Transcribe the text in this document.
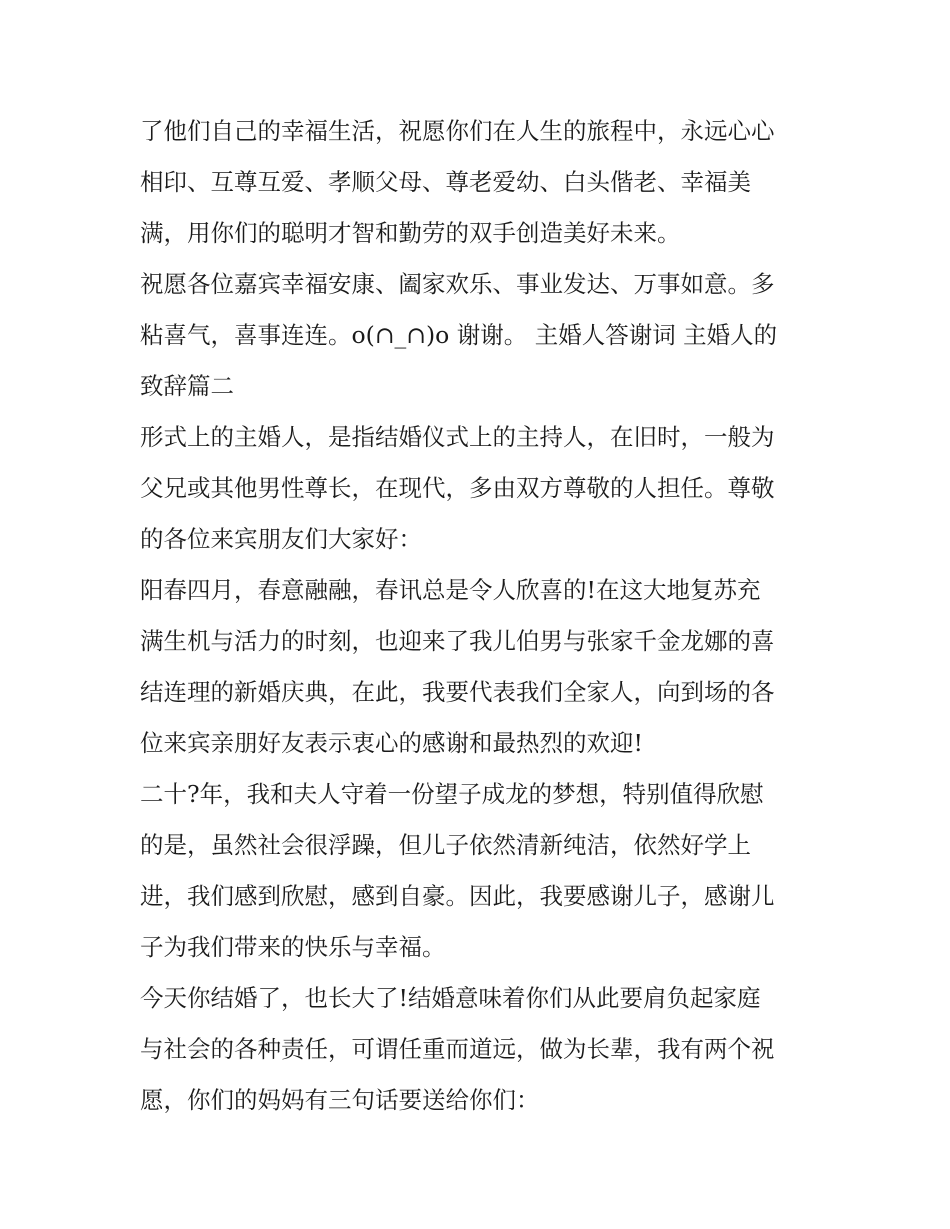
了他们自己的幸福生活，祝愿你们在人生的旅程中，永远心心
相印、互尊互爱、孝顺父母、尊老爱幼、白头偕老、幸福美
满，用你们的聪明才智和勤劳的双手创造美好未来。

祝愿各位嘉宾幸福安康、阖家欢乐、事业发达、万事如意。多
粘喜气，喜事连连。o(∩_∩)o 谢谢。 主婚人答谢词 主婚人的
致辞篇二

形式上的主婚人，是指结婚仪式上的主持人，在旧时，一般为
父兄或其他男性尊长，在现代，多由双方尊敬的人担任。尊敬
的各位来宾朋友们大家好：

阳春四月，春意融融，春讯总是令人欣喜的!在这大地复苏充
满生机与活力的时刻，也迎来了我儿伯男与张家千金龙娜的喜
结连理的新婚庆典，在此，我要代表我们全家人，向到场的各
位来宾亲朋好友表示衷心的感谢和最热烈的欢迎!

二十?年，我和夫人守着一份望子成龙的梦想，特别值得欣慰
的是，虽然社会很浮躁，但儿子依然清新纯洁，依然好学上
进，我们感到欣慰，感到自豪。因此，我要感谢儿子，感谢儿
子为我们带来的快乐与幸福。

今天你结婚了，也长大了!结婚意味着你们从此要肩负起家庭
与社会的各种责任，可谓任重而道远，做为长辈，我有两个祝
愿，你们的妈妈有三句话要送给你们：
